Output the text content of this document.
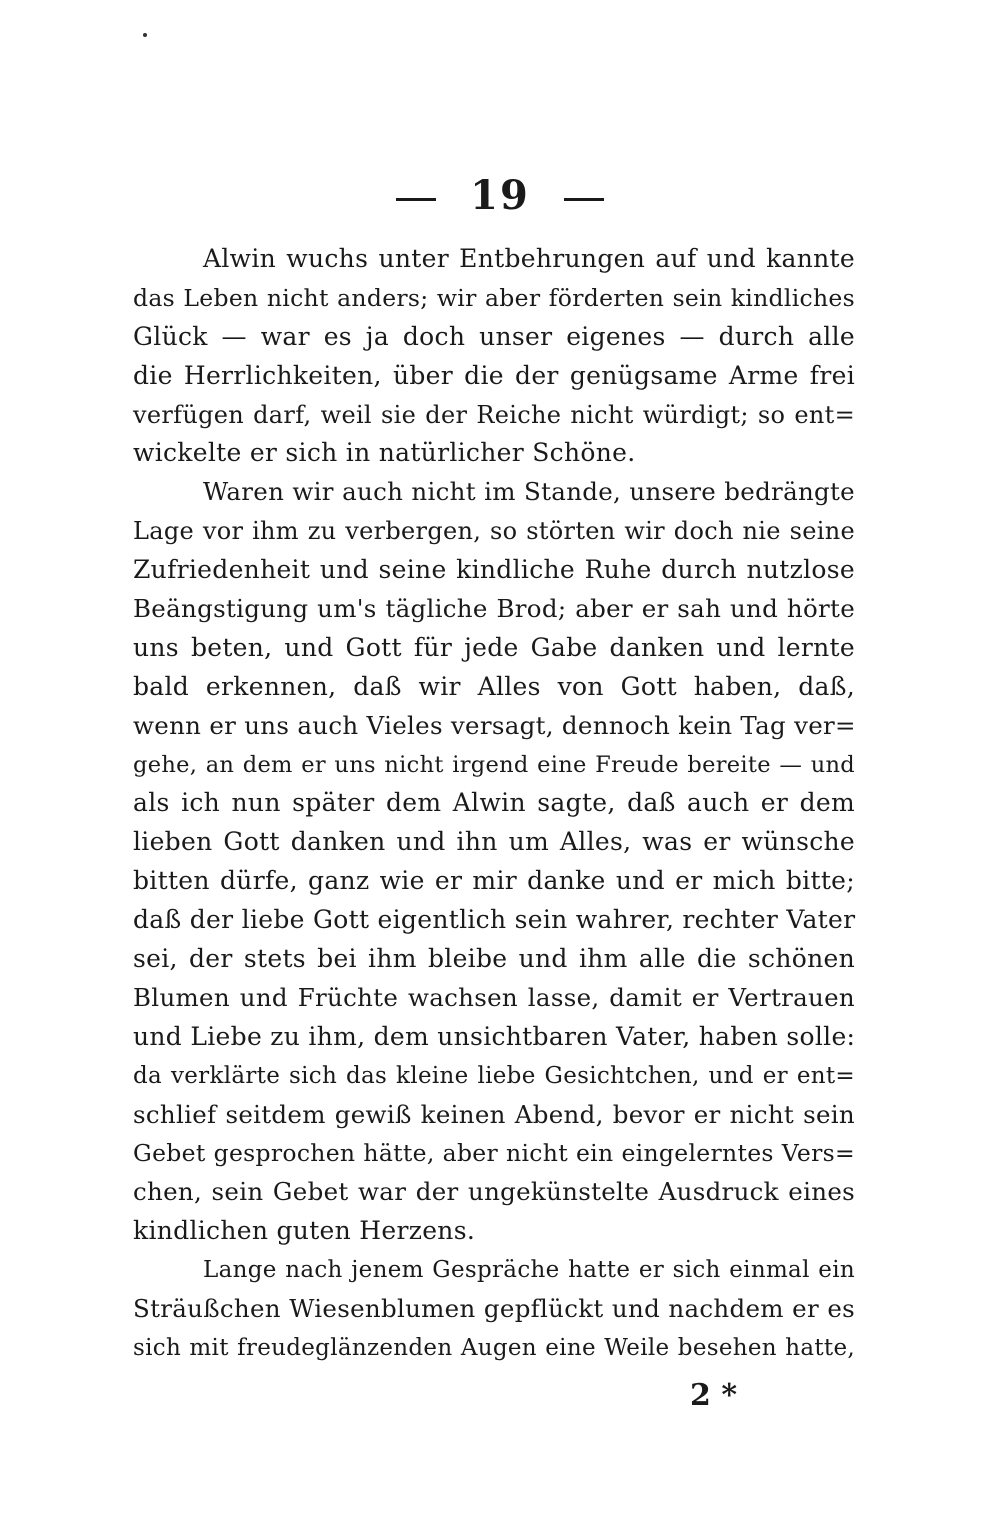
19
Alwin wuchs unter Entbehrungen auf und kannte
das Leben nicht anders; wir aber förderten sein kindliches
Glück — war es ja doch unser eigenes — durch alle
die Herrlichkeiten, über die der genügsame Arme frei
verfügen darf, weil sie der Reiche nicht würdigt; so ent=
wickelte er sich in natürlicher Schöne.
Waren wir auch nicht im Stande, unsere bedrängte
Lage vor ihm zu verbergen, so störten wir doch nie seine
Zufriedenheit und seine kindliche Ruhe durch nutzlose
Beängstigung um's tägliche Brod; aber er sah und hörte
uns beten, und Gott für jede Gabe danken und lernte
bald erkennen, daß wir Alles von Gott haben, daß,
wenn er uns auch Vieles versagt, dennoch kein Tag ver=
gehe, an dem er uns nicht irgend eine Freude bereite — und
als ich nun später dem Alwin sagte, daß auch er dem
lieben Gott danken und ihn um Alles, was er wünsche
bitten dürfe, ganz wie er mir danke und er mich bitte;
daß der liebe Gott eigentlich sein wahrer, rechter Vater
sei, der stets bei ihm bleibe und ihm alle die schönen
Blumen und Früchte wachsen lasse, damit er Vertrauen
und Liebe zu ihm, dem unsichtbaren Vater, haben solle:
da verklärte sich das kleine liebe Gesichtchen, und er ent=
schlief seitdem gewiß keinen Abend, bevor er nicht sein
Gebet gesprochen hätte, aber nicht ein eingelerntes Vers=
chen, sein Gebet war der ungekünstelte Ausdruck eines
kindlichen guten Herzens.
Lange nach jenem Gespräche hatte er sich einmal ein
Sträußchen Wiesenblumen gepflückt und nachdem er es
sich mit freudeglänzenden Augen eine Weile besehen hatte,
2 *
